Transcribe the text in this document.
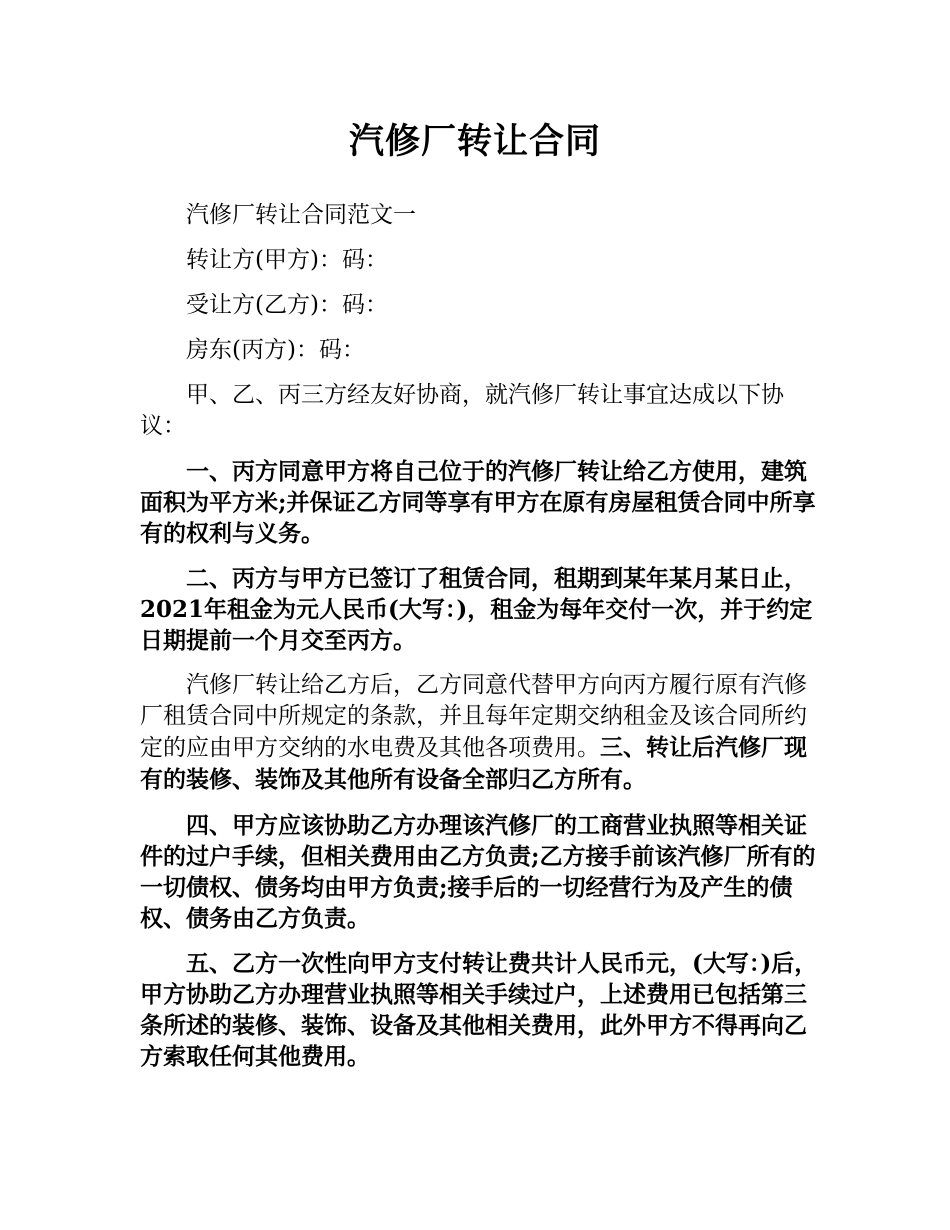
汽修厂转让合同

汽修厂转让合同范文一

转让方(甲方)：码：

受让方(乙方)：码：

房东(丙方)：码：

甲、乙、丙三方经友好协商，就汽修厂转让事宜达成以下协议：

一、丙方同意甲方将自己位于的汽修厂转让给乙方使用，建筑面积为平方米;并保证乙方同等享有甲方在原有房屋租赁合同中所享有的权利与义务。

二、丙方与甲方已签订了租赁合同，租期到某年某月某日止，2021年租金为元人民币(大写：)，租金为每年交付一次，并于约定日期提前一个月交至丙方。

汽修厂转让给乙方后，乙方同意代替甲方向丙方履行原有汽修厂租赁合同中所规定的条款，并且每年定期交纳租金及该合同所约定的应由甲方交纳的水电费及其他各项费用。三、转让后汽修厂现有的装修、装饰及其他所有设备全部归乙方所有。

四、甲方应该协助乙方办理该汽修厂的工商营业执照等相关证件的过户手续，但相关费用由乙方负责;乙方接手前该汽修厂所有的一切债权、债务均由甲方负责;接手后的一切经营行为及产生的债权、债务由乙方负责。

五、乙方一次性向甲方支付转让费共计人民币元，(大写：)后，甲方协助乙方办理营业执照等相关手续过户，上述费用已包括第三条所述的装修、装饰、设备及其他相关费用，此外甲方不得再向乙方索取任何其他费用。
